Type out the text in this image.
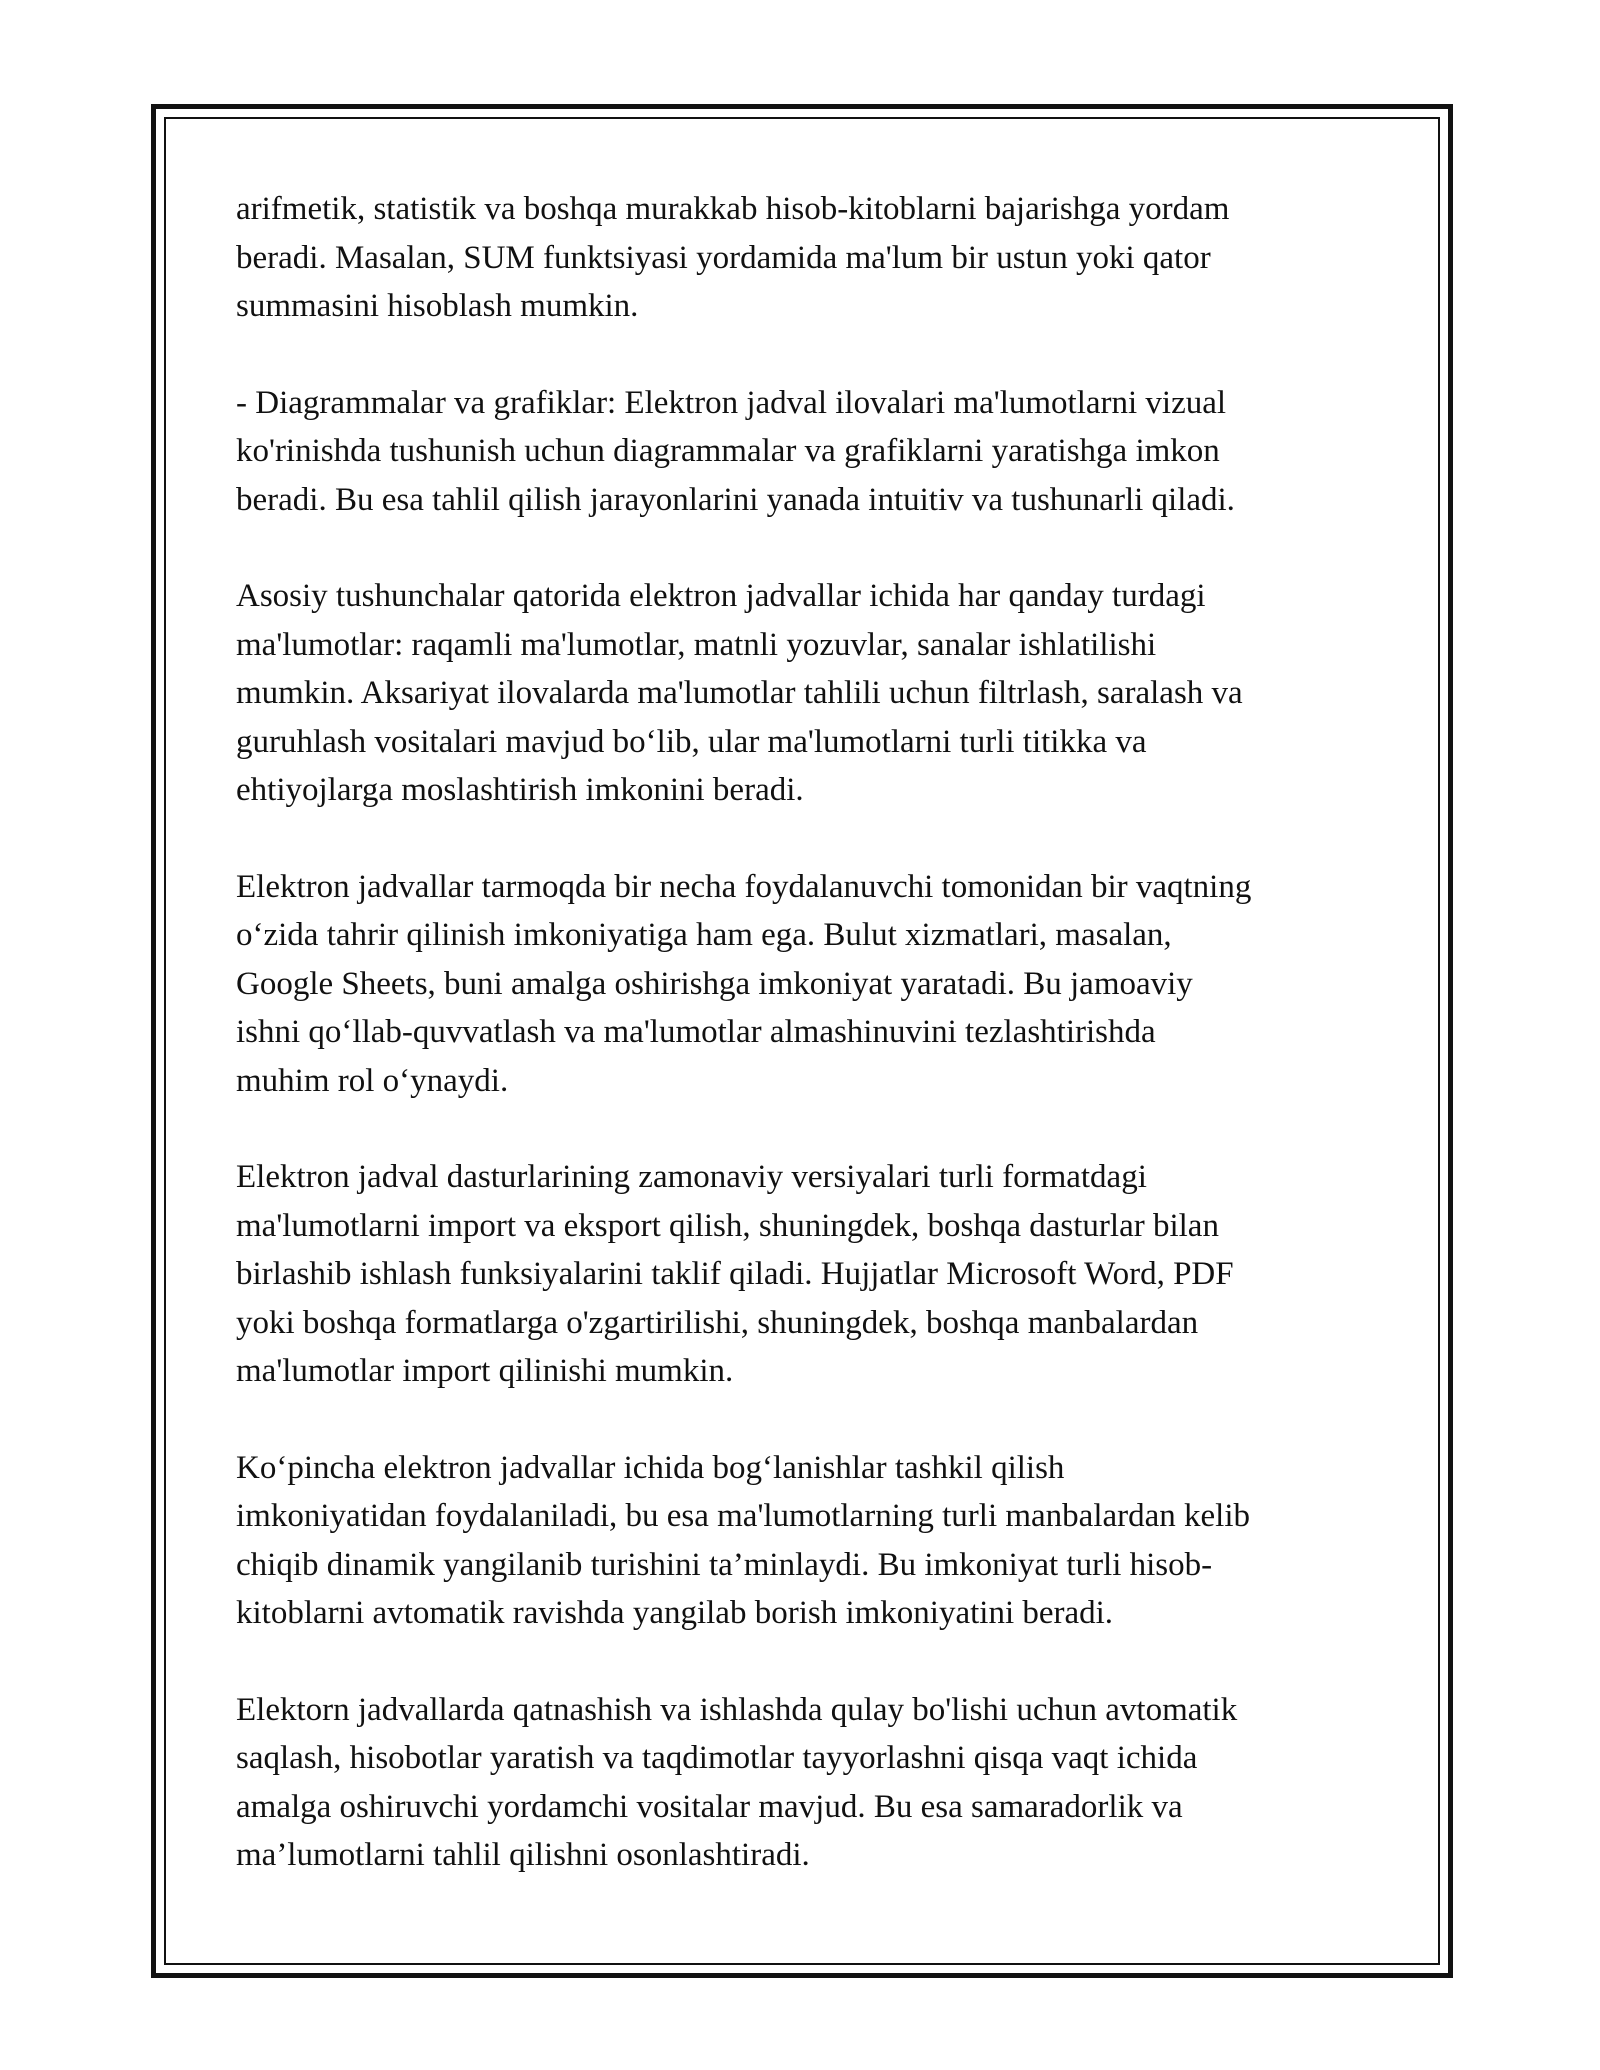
arifmetik, statistik va boshqa murakkab hisob-kitoblarni bajarishga yordam
beradi. Masalan, SUM funktsiyasi yordamida ma'lum bir ustun yoki qator
summasini hisoblash mumkin.

- Diagrammalar va grafiklar: Elektron jadval ilovalari ma'lumotlarni vizual
ko'rinishda tushunish uchun diagrammalar va grafiklarni yaratishga imkon
beradi. Bu esa tahlil qilish jarayonlarini yanada intuitiv va tushunarli qiladi.

Asosiy tushunchalar qatorida elektron jadvallar ichida har qanday turdagi
ma'lumotlar: raqamli ma'lumotlar, matnli yozuvlar, sanalar ishlatilishi
mumkin. Aksariyat ilovalarda ma'lumotlar tahlili uchun filtrlash, saralash va
guruhlash vositalari mavjud bo‘lib, ular ma'lumotlarni turli titikka va
ehtiyojlarga moslashtirish imkonini beradi.

Elektron jadvallar tarmoqda bir necha foydalanuvchi tomonidan bir vaqtning
o‘zida tahrir qilinish imkoniyatiga ham ega. Bulut xizmatlari, masalan,
Google Sheets, buni amalga oshirishga imkoniyat yaratadi. Bu jamoaviy
ishni qo‘llab-quvvatlash va ma'lumotlar almashinuvini tezlashtirishda
muhim rol o‘ynaydi.

Elektron jadval dasturlarining zamonaviy versiyalari turli formatdagi
ma'lumotlarni import va eksport qilish, shuningdek, boshqa dasturlar bilan
birlashib ishlash funksiyalarini taklif qiladi. Hujjatlar Microsoft Word, PDF
yoki boshqa formatlarga o'zgartirilishi, shuningdek, boshqa manbalardan
ma'lumotlar import qilinishi mumkin.

Ko‘pincha elektron jadvallar ichida bog‘lanishlar tashkil qilish
imkoniyatidan foydalaniladi, bu esa ma'lumotlarning turli manbalardan kelib
chiqib dinamik yangilanib turishini ta’minlaydi. Bu imkoniyat turli hisob-
kitoblarni avtomatik ravishda yangilab borish imkoniyatini beradi.

Elektorn jadvallarda qatnashish va ishlashda qulay bo'lishi uchun avtomatik
saqlash, hisobotlar yaratish va taqdimotlar tayyorlashni qisqa vaqt ichida
amalga oshiruvchi yordamchi vositalar mavjud. Bu esa samaradorlik va
ma’lumotlarni tahlil qilishni osonlashtiradi.
